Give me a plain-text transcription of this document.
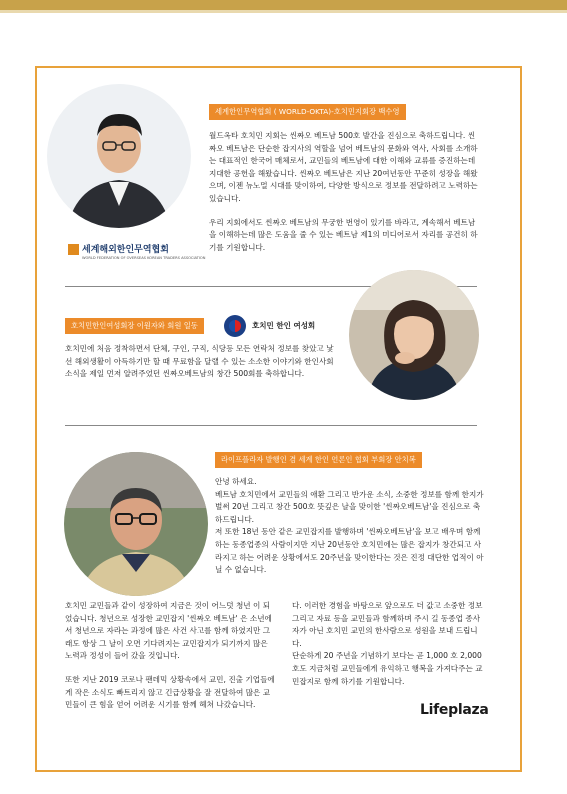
세계해외한인무역협회
WORLD FEDERATION OF OVERSEAS KOREAN TRADERS ASSOCIATION
세계한인무역협회 ( WORLD-OKTA)-호치민지회장 백수영

월드옥타 호치민 지회는 씬짜오 베트남 500호 발간을 진심으로 축하드립니다. 씬짜오 베트남은 단순한 잡지사의 역할을 넘어 베트남의 문화와 역사, 사회를 소개하는 대표적인 한국어 매체로서, 교민들의 베트남에 대한 이해와 교류를 증진하는데 지대한 공헌을 해왔습니다. 씬짜오 베트남은 지난 20여년동안 꾸준히 성장을 해왔으며, 이젠 뉴노멀 시대를 맞이하여, 다양한 방식으로 정보를 전달하려고 노력하는 있습니다.

우리 지회에서도 씬짜오 베트남의 무궁한 번영이 있기를 바라고, 계속해서 베트남을 이해하는데 많은 도움을 줄 수 있는 베트남 제1의 미디어로서 자리를 공건히 하기를 기원합니다.

호치민한인여성회장 이원자와 회원 일동	호치민 한인 여성회
호치민에 처음 정착하면서 단체, 구인, 구직, 식당등 모든 연락처 정보를 찾았고 낯선 해외생활이 아득하기만 할 때 무료함을 달랠 수 있는 소소한 이야기와 한인사회 소식을 제일 먼저 알려주었던 씬짜오베트남의 창간 500회를 축하합니다.
라이프플라자 발행인 겸 세계 한인 언론인 협회 부회장 안치복

안녕 하세요.

베트남 호치민에서 교민들의 애환 그리고 반가운 소식, 소중한 정보를 함께 한지가 벌써 20년 그리고 창간 500호 뜻깊은 날을 맞이한 '씬짜오베트남'을 진심으로 축하드립니다.

저 또한 18년 동안 같은 교민잡지를 발행하며 '씬짜오베트남'을 보고 배우며 함께 하는 동종업종의 사람이지만 지난 20년동안 호치민에는 많은 잡지가 창간되고 사라지고 하는 어려운 상황에서도 20주년을 맞이한다는 것은 진정 대단한 업적이 아닐 수 없습니다.

호치민 교민들과 같이 성장하여 지금은 것이 어느덧 청년 이 되었습니다. 청년으로 성장한 교민잡지 '씬짜오 베트남' 은 소년에서 청년으로 자라는 과정에 많은 사건 사고를 함께 하였지만 그래도 항상 그 날이 오면 기다려지는 교민잡지가 되기까지 많은 노력과 정성이 들어 갔을 것입니다.

또한 지난 2019 코로나 팬데믹 상황속에서 교민, 진출 기업들에게 작은 소식도 빠트리지 않고 긴급상황을 잘 전달하여 많은 교민들이 큰 힘을 얻어 어려운 시기를 함께 헤쳐 나갔습니다.

다. 이러한 경험을 바탕으로 앞으로도 더 값고 소중한 정보 그리고 자료 등을 교민들과 함께하며 주시 길 동종업 종사자가 아닌 호치민 교민의 한사람으로 성원을 보내 드립니다.

단순하게 20 주년을 기념하기 보다는 곧 1,000 호 2,000호도 지금처럼 교민들에게 유익하고 행복을 가져다주는 교민잡지로 함께 하기를 기원합니다.

Lifeplaza
